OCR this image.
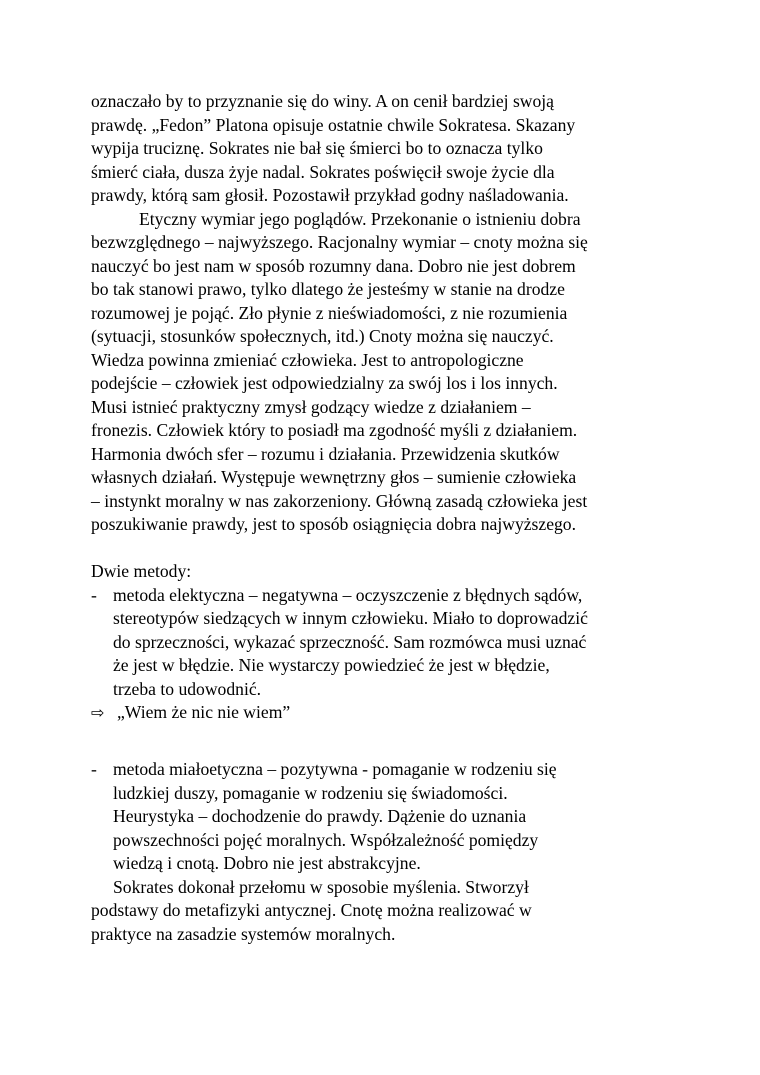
oznaczało by to przyznanie się do winy. A on cenił bardziej swoją
prawdę. „Fedon” Platona opisuje ostatnie chwile Sokratesa. Skazany
wypija truciznę. Sokrates nie bał się śmierci bo to oznacza tylko
śmierć ciała, dusza żyje nadal. Sokrates poświęcił swoje życie dla
prawdy, którą sam głosił. Pozostawił przykład godny naśladowania.
Etyczny wymiar jego poglądów. Przekonanie o istnieniu dobra
bezwzględnego – najwyższego. Racjonalny wymiar – cnoty można się
nauczyć bo jest nam w sposób rozumny dana. Dobro nie jest dobrem
bo tak stanowi prawo, tylko dlatego że jesteśmy w stanie na drodze
rozumowej je pojąć. Zło płynie z nieświadomości, z nie rozumienia
(sytuacji, stosunków społecznych, itd.) Cnoty można się nauczyć.
Wiedza powinna zmieniać człowieka. Jest to antropologiczne
podejście – człowiek jest odpowiedzialny za swój los i los innych.
Musi istnieć praktyczny zmysł godzący wiedze z działaniem –
fronezis. Człowiek który to posiadł ma zgodność myśli z działaniem.
Harmonia dwóch sfer – rozumu i działania. Przewidzenia skutków
własnych działań. Występuje wewnętrzny głos – sumienie człowieka
– instynkt moralny w nas zakorzeniony. Główną zasadą człowieka jest
poszukiwanie prawdy, jest to sposób osiągnięcia dobra najwyższego.
Dwie metody:
- metoda elektyczna – negatywna – oczyszczenie z błędnych sądów,
stereotypów siedzących w innym człowieku. Miało to doprowadzić
do sprzeczności, wykazać sprzeczność. Sam rozmówca musi uznać
że jest w błędzie. Nie wystarczy powiedzieć że jest w błędzie,
trzeba to udowodnić.
⇨ „Wiem że nic nie wiem”
- metoda miałoetyczna – pozytywna - pomaganie w rodzeniu się
ludzkiej duszy, pomaganie w rodzeniu się świadomości.
Heurystyka – dochodzenie do prawdy. Dążenie do uznania
powszechności pojęć moralnych. Współzależność pomiędzy
wiedzą i cnotą. Dobro nie jest abstrakcyjne.
Sokrates dokonał przełomu w sposobie myślenia. Stworzył
podstawy do metafizyki antycznej. Cnotę można realizować w
praktyce na zasadzie systemów moralnych.
